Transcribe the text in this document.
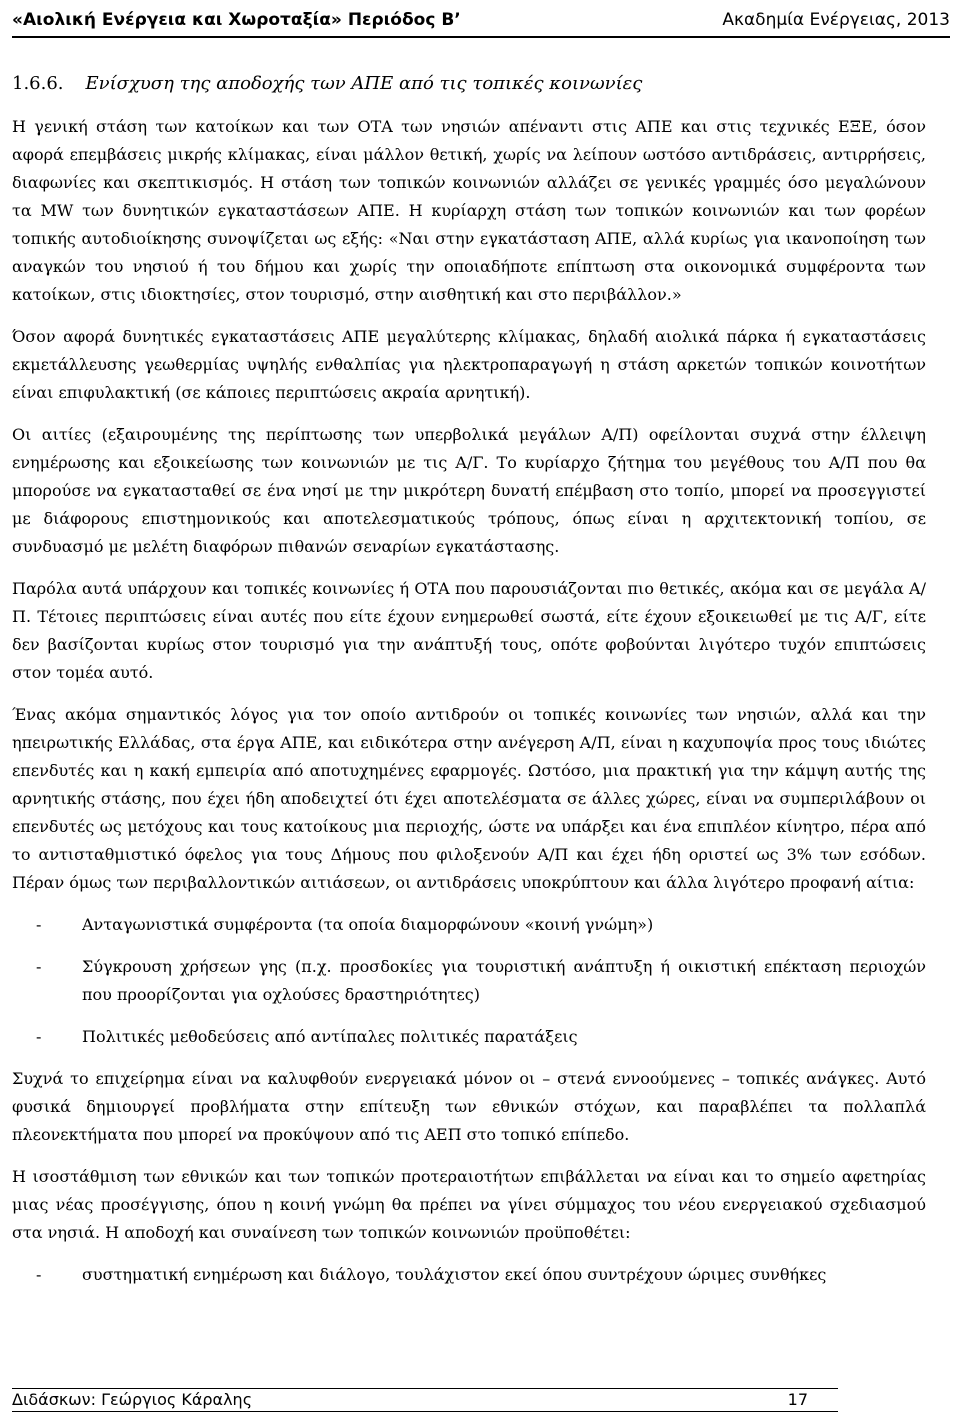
«Αιολική Ενέργεια και Χωροταξία» Περιόδος Β’	Ακαδημία Ενέργειας, 2013
1.6.6. Ενίσχυση της αποδοχής των ΑΠΕ από τις τοπικές κοινωνίες

Η γενική στάση των κατοίκων και των ΟΤΑ των νησιών απέναντι στις ΑΠΕ και στις τεχνικές ΕΞΕ, όσον αφορά επεμβάσεις μικρής κλίμακας, είναι μάλλον θετική, χωρίς να λείπουν ωστόσο αντιδράσεις, αντιρρήσεις, διαφωνίες και σκεπτικισμός. Η στάση των τοπικών κοινωνιών αλλάζει σε γενικές γραμμές όσο μεγαλώνουν τα MW των δυνητικών εγκαταστάσεων ΑΠΕ. Η κυρίαρχη στάση των τοπικών κοινωνιών και των φορέων τοπικής αυτοδιοίκησης συνοψίζεται ως εξής: «Ναι στην εγκατάσταση ΑΠΕ, αλλά κυρίως για ικανοποίηση των αναγκών του νησιού ή του δήμου και χωρίς την οποιαδήποτε επίπτωση στα οικονομικά συμφέροντα των κατοίκων, στις ιδιοκτησίες, στον τουρισμό, στην αισθητική και στο περιβάλλον.»

Όσον αφορά δυνητικές εγκαταστάσεις ΑΠΕ μεγαλύτερης κλίμακας, δηλαδή αιολικά πάρκα ή εγκαταστάσεις εκμετάλλευσης γεωθερμίας υψηλής ενθαλπίας για ηλεκτροπαραγωγή η στάση αρκετών τοπικών κοινοτήτων είναι επιφυλακτική (σε κάποιες περιπτώσεις ακραία αρνητική).

Οι αιτίες (εξαιρουμένης της περίπτωσης των υπερβολικά μεγάλων Α/Π) οφείλονται συχνά στην έλλειψη ενημέρωσης και εξοικείωσης των κοινωνιών με τις Α/Γ. Το κυρίαρχο ζήτημα του μεγέθους του Α/Π που θα μπορούσε να εγκατασταθεί σε ένα νησί με την μικρότερη δυνατή επέμβαση στο τοπίο, μπορεί να προσεγγιστεί με διάφορους επιστημονικούς και αποτελεσματικούς τρόπους, όπως είναι η αρχιτεκτονική τοπίου, σε συνδυασμό με μελέτη διαφόρων πιθανών σεναρίων εγκατάστασης.

Παρόλα αυτά υπάρχουν και τοπικές κοινωνίες ή ΟΤΑ που παρουσιάζονται πιο θετικές, ακόμα και σε μεγάλα Α/Π. Τέτοιες περιπτώσεις είναι αυτές που είτε έχουν ενημερωθεί σωστά, είτε έχουν εξοικειωθεί με τις Α/Γ, είτε δεν βασίζονται κυρίως στον τουρισμό για την ανάπτυξή τους, οπότε φοβούνται λιγότερο τυχόν επιπτώσεις στον τομέα αυτό.

Ένας ακόμα σημαντικός λόγος για τον οποίο αντιδρούν οι τοπικές κοινωνίες των νησιών, αλλά και την ηπειρωτικής Ελλάδας, στα έργα ΑΠΕ, και ειδικότερα στην ανέγερση Α/Π, είναι η καχυποψία προς τους ιδιώτες επενδυτές και η κακή εμπειρία από αποτυχημένες εφαρμογές. Ωστόσο, μια πρακτική για την κάμψη αυτής της αρνητικής στάσης, που έχει ήδη αποδειχτεί ότι έχει αποτελέσματα σε άλλες χώρες, είναι να συμπεριλάβουν οι επενδυτές ως μετόχους και τους κατοίκους μια περιοχής, ώστε να υπάρξει και ένα επιπλέον κίνητρο, πέρα από το αντισταθμιστικό όφελος για τους Δήμους που φιλοξενούν Α/Π και έχει ήδη οριστεί ως 3% των εσόδων. Πέραν όμως των περιβαλλοντικών αιτιάσεων, οι αντιδράσεις υποκρύπτουν και άλλα λιγότερο προφανή αίτια:

-	Ανταγωνιστικά συμφέροντα (τα οποία διαμορφώνουν «κοινή γνώμη»)
-	Σύγκρουση χρήσεων γης (π.χ. προσδοκίες για τουριστική ανάπτυξη ή οικιστική επέκταση περιοχών που προορίζονται για οχλούσες δραστηριότητες)
-	Πολιτικές μεθοδεύσεις από αντίπαλες πολιτικές παρατάξεις

Συχνά το επιχείρημα είναι να καλυφθούν ενεργειακά μόνον οι – στενά εννοούμενες – τοπικές ανάγκες. Αυτό φυσικά δημιουργεί προβλήματα στην επίτευξη των εθνικών στόχων, και παραβλέπει τα πολλαπλά πλεονεκτήματα που μπορεί να προκύψουν από τις ΑΕΠ στο τοπικό επίπεδο.

Η ισοστάθμιση των εθνικών και των τοπικών προτεραιοτήτων επιβάλλεται να είναι και το σημείο αφετηρίας μιας νέας προσέγγισης, όπου η κοινή γνώμη θα πρέπει να γίνει σύμμαχος του νέου ενεργειακού σχεδιασμού στα νησιά. Η αποδοχή και συναίνεση των τοπικών κοινωνιών προϋποθέτει:

-	συστηματική ενημέρωση και διάλογο, τουλάχιστον εκεί όπου συντρέχουν ώριμες συνθήκες
Διδάσκων: Γεώργιος Κάραλης	17
